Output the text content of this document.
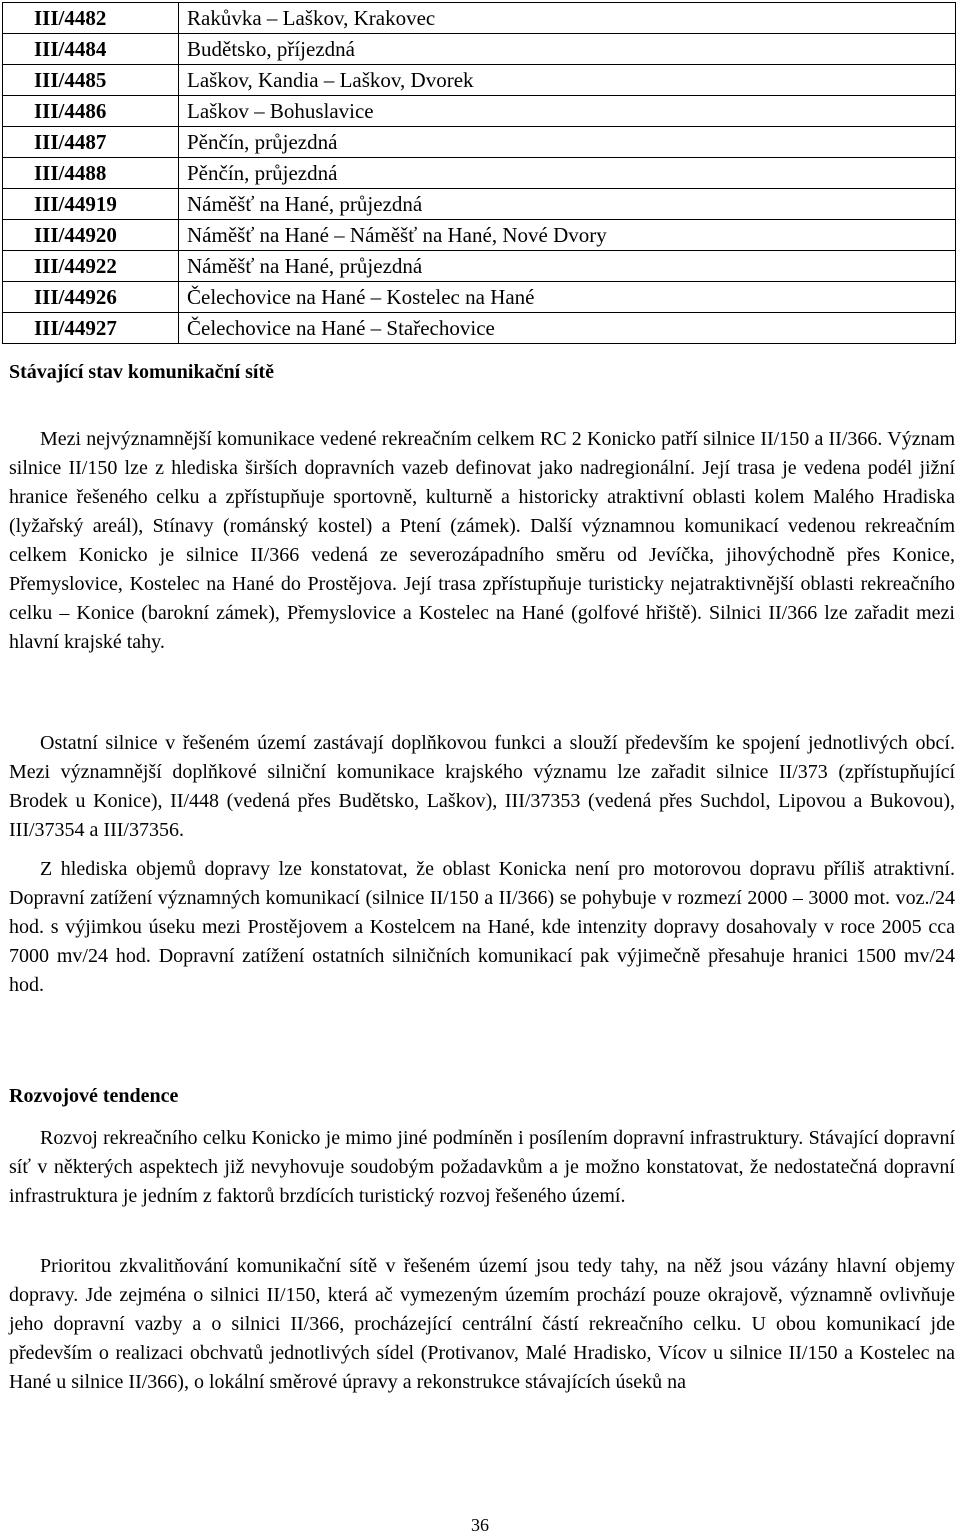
III/4482	Rakůvka – Laškov, Krakovec
III/4484	Budětsko, příjezdná
III/4485	Laškov, Kandia – Laškov, Dvorek
III/4486	Laškov – Bohuslavice
III/4487	Pěnčín, průjezdná
III/4488	Pěnčín, průjezdná
III/44919	Náměšť na Hané, průjezdná
III/44920	Náměšť na Hané – Náměšť na Hané, Nové Dvory
III/44922	Náměšť na Hané, průjezdná
III/44926	Čelechovice na Hané – Kostelec na Hané
III/44927	Čelechovice na Hané – Stařechovice
Stávající stav komunikační sítě

Mezi nejvýznamnější komunikace vedené rekreačním celkem RC 2 Konicko patří silnice II/150 a II/366. Význam silnice II/150 lze z hlediska širších dopravních vazeb definovat jako nadregionální. Její trasa je vedena podél jižní hranice řešeného celku a zpřístupňuje sportovně, kulturně a historicky atraktivní oblasti kolem Malého Hradiska (lyžařský areál), Stínavy (románský kostel) a Ptení (zámek). Další významnou komunikací vedenou rekreačním celkem Konicko je silnice II/366 vedená ze severozápadního směru od Jevíčka, jihovýchodně přes Konice, Přemyslovice, Kostelec na Hané do Prostějova. Její trasa zpřístupňuje turisticky nejatraktivnější oblasti rekreačního celku – Konice (barokní zámek), Přemyslovice a Kostelec na Hané (golfové hřiště). Silnici II/366 lze zařadit mezi hlavní krajské tahy.

Ostatní silnice v řešeném území zastávají doplňkovou funkci a slouží především ke spojení jednotlivých obcí. Mezi významnější doplňkové silniční komunikace krajského významu lze zařadit silnice II/373 (zpřístupňující Brodek u Konice), II/448 (vedená přes Budětsko, Laškov), III/37353 (vedená přes Suchdol, Lipovou a Bukovou), III/37354 a III/37356.

Z hlediska objemů dopravy lze konstatovat, že oblast Konicka není pro motorovou dopravu příliš atraktivní. Dopravní zatížení významných komunikací (silnice II/150 a II/366) se pohybuje v rozmezí 2000 – 3000 mot. voz./24 hod. s výjimkou úseku mezi Prostějovem a Kostelcem na Hané, kde intenzity dopravy dosahovaly v roce 2005 cca 7000 mv/24 hod. Dopravní zatížení ostatních silničních komunikací pak výjimečně přesahuje hranici 1500 mv/24 hod.

Rozvojové tendence

Rozvoj rekreačního celku Konicko je mimo jiné podmíněn i posílením dopravní infrastruktury. Stávající dopravní síť v některých aspektech již nevyhovuje soudobým požadavkům a je možno konstatovat, že nedostatečná dopravní infrastruktura je jedním z faktorů brzdících turistický rozvoj řešeného území.

Prioritou zkvalitňování komunikační sítě v řešeném území jsou tedy tahy, na něž jsou vázány hlavní objemy dopravy. Jde zejména o silnici II/150, která ač vymezeným územím prochází pouze okrajově, významně ovlivňuje jeho dopravní vazby a o silnici II/366, procházející centrální částí rekreačního celku. U obou komunikací jde především o realizaci obchvatů jednotlivých sídel (Protivanov, Malé Hradisko, Vícov u silnice II/150 a Kostelec na Hané u silnice II/366), o lokální směrové úpravy a rekonstrukce stávajících úseků na

36
